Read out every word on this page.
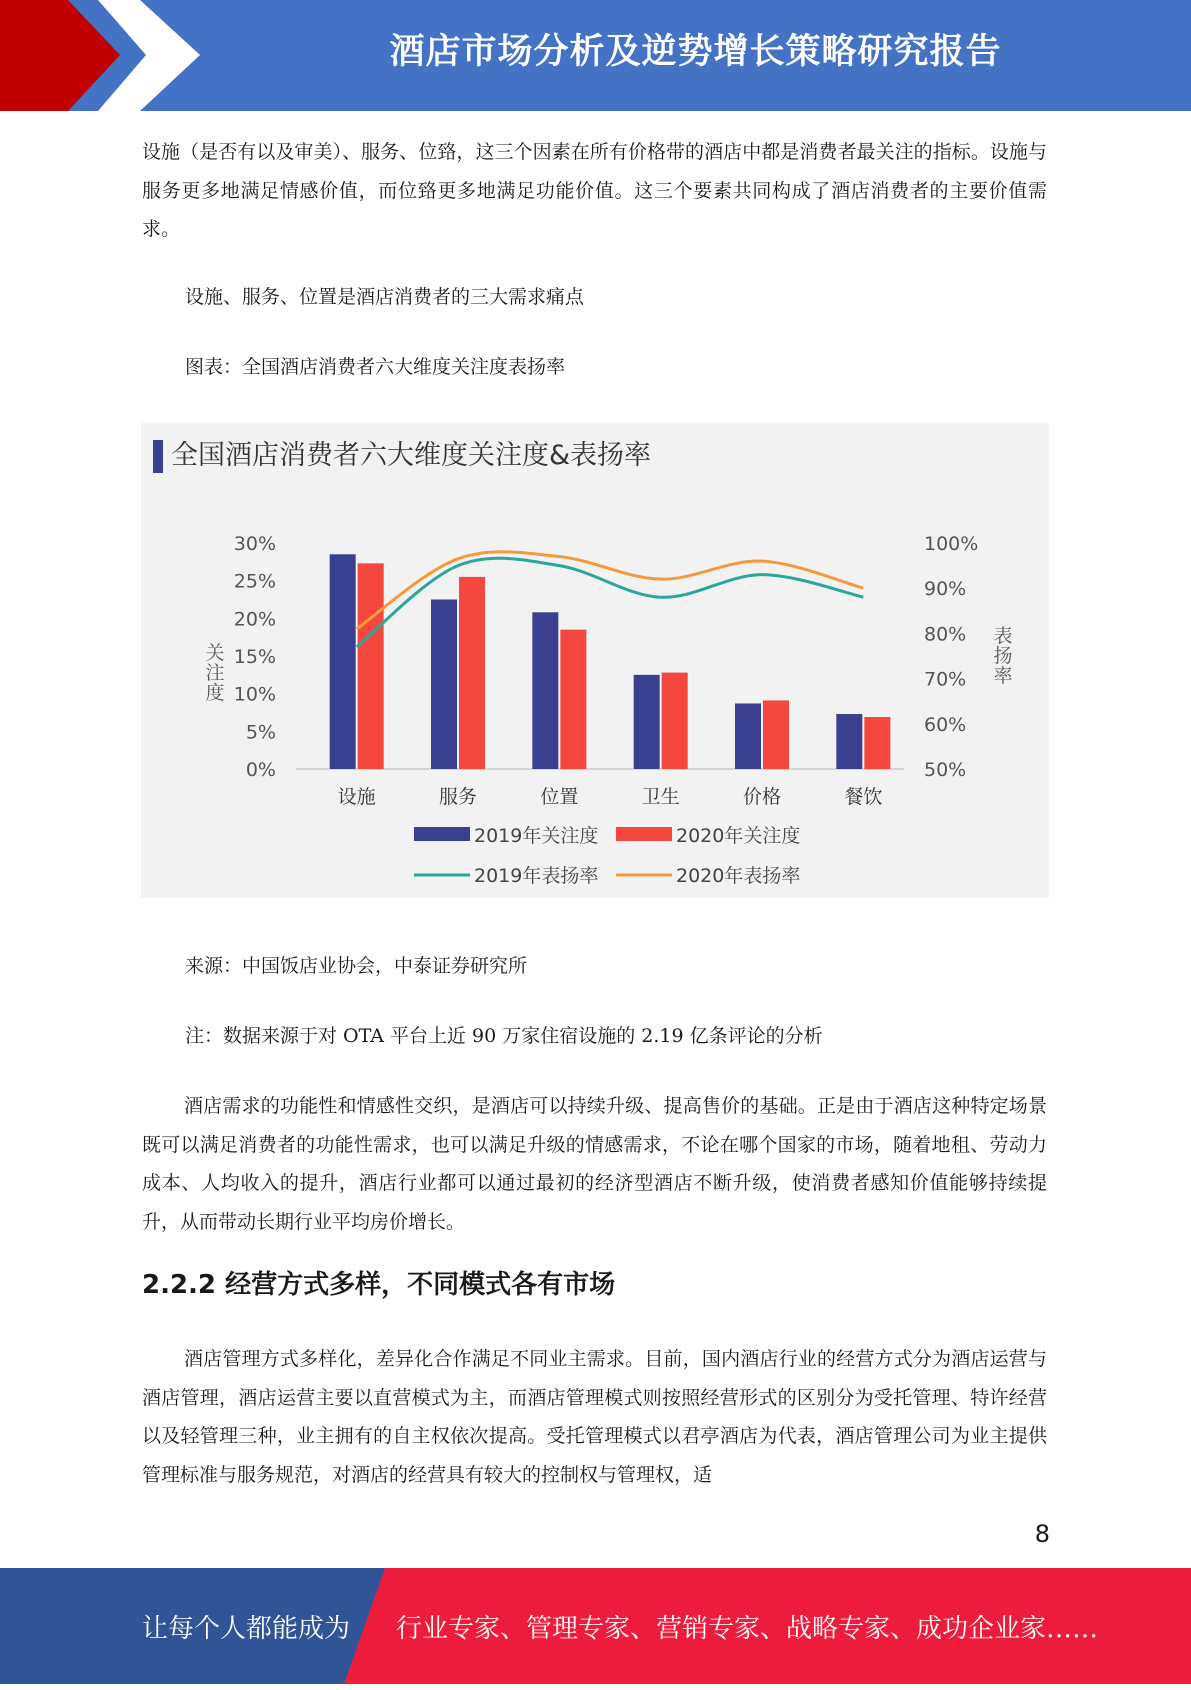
酒店市场分析及逆势增长策略研究报告

设施（是否有以及审美）、服务、位臵，这三个因素在所有价格带的酒店中都是消费者最关注的指标。设施与服务更多地满足情感价值，而位臵更多地满足功能价值。这三个要素共同构成了酒店消费者的主要价值需求。

设施、服务、位置是酒店消费者的三大需求痛点

图表：全国酒店消费者六大维度关注度表扬率

全国酒店消费者六大维度关注度&表扬率
0%
5%
10%
15%
20%
25%
30%
50%
60%
70%
80%
90%
100%
关注度
表扬率
设施	服务	位置	卫生	价格	餐饮
2019年关注度	2020年关注度
2019年表扬率	2020年表扬率

来源：中国饭店业协会，中泰证券研究所

注：数据来源于对 OTA 平台上近 90 万家住宿设施的 2.19 亿条评论的分析

酒店需求的功能性和情感性交织，是酒店可以持续升级、提高售价的基础。正是由于酒店这种特定场景既可以满足消费者的功能性需求，也可以满足升级的情感需求，不论在哪个国家的市场，随着地租、劳动力成本、人均收入的提升，酒店行业都可以通过最初的经济型酒店不断升级，使消费者感知价值能够持续提升，从而带动长期行业平均房价增长。

2.2.2 经营方式多样，不同模式各有市场

酒店管理方式多样化，差异化合作满足不同业主需求。目前，国内酒店行业的经营方式分为酒店运营与酒店管理，酒店运营主要以直营模式为主，而酒店管理模式则按照经营形式的区别分为受托管理、特许经营以及轻管理三种，业主拥有的自主权依次提高。受托管理模式以君亭酒店为代表，酒店管理公司为业主提供管理标准与服务规范，对酒店的经营具有较大的控制权与管理权，适

8
让每个人都能成为 行业专家、管理专家、营销专家、战略专家、成功企业家……
